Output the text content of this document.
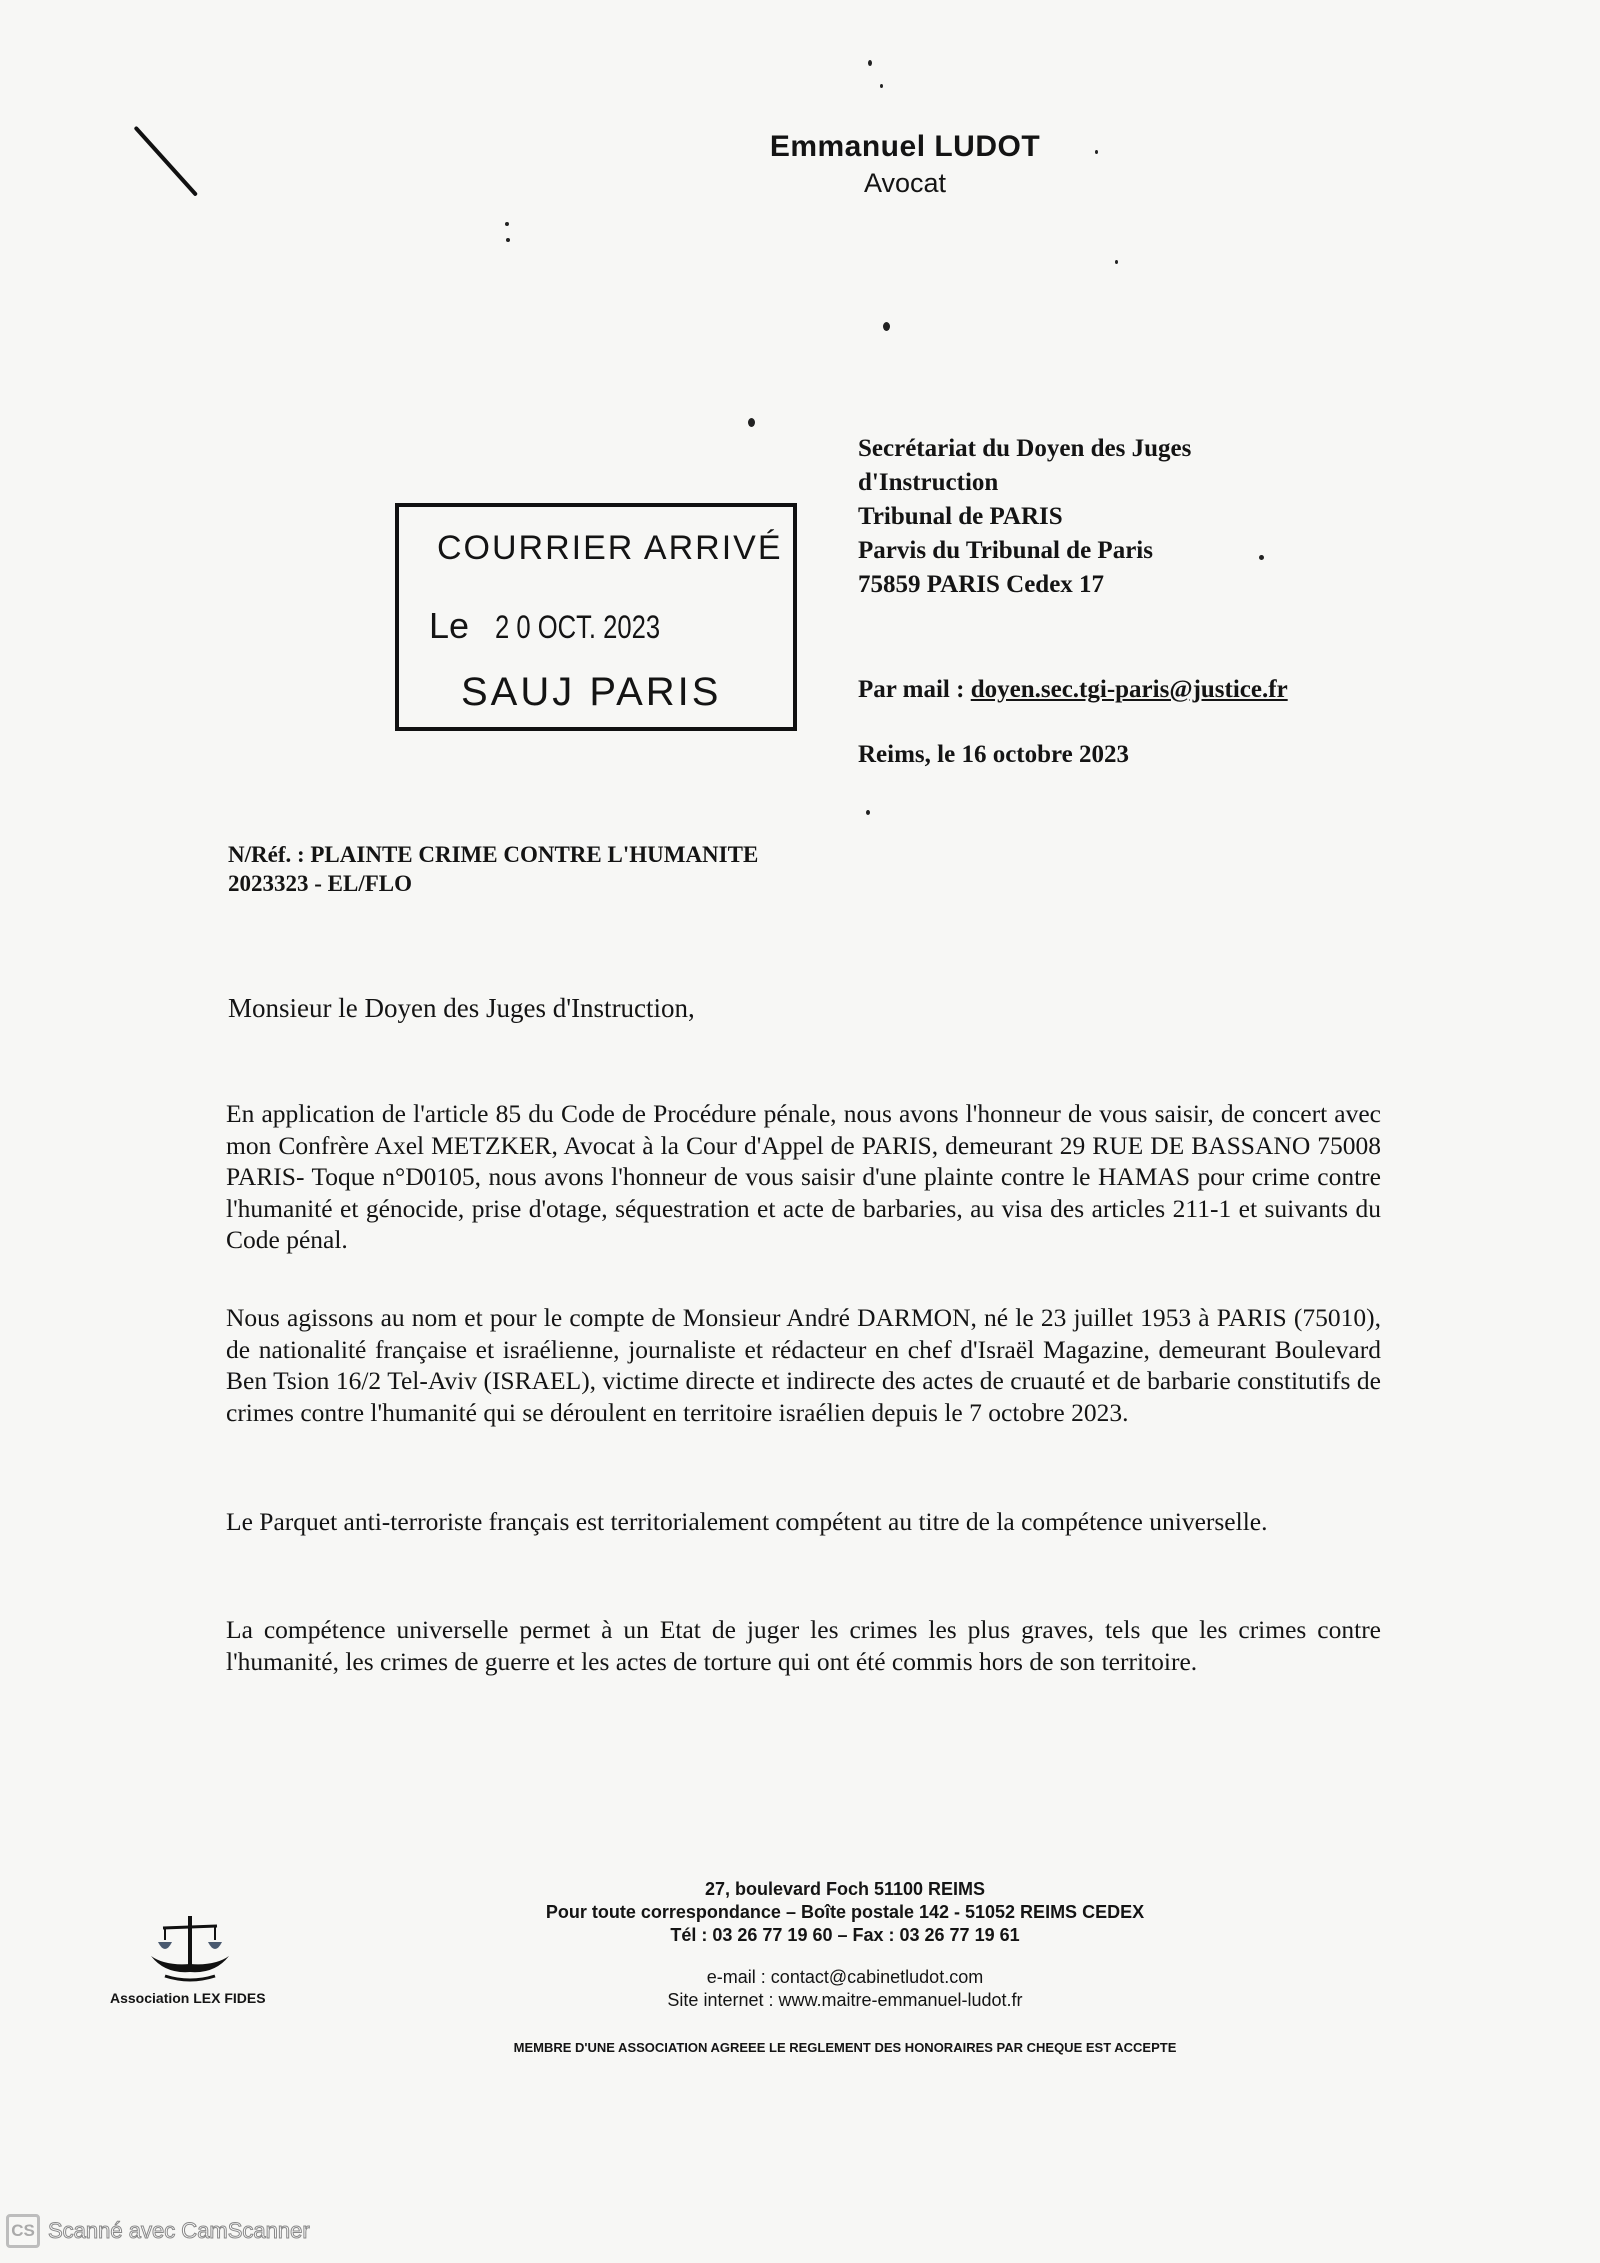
Emmanuel LUDOT
Avocat
COURRIER ARRIVÉ
Le 2 0 OCT. 2023
SAUJ PARIS
Secrétariat du Doyen des Juges
d'Instruction
Tribunal de PARIS
Parvis du Tribunal de Paris
75859 PARIS Cedex 17
Par mail : doyen.sec.tgi-paris@justice.fr
Reims, le 16 octobre 2023
N/Réf. : PLAINTE CRIME CONTRE L'HUMANITE
2023323 - EL/FLO
Monsieur le Doyen des Juges d'Instruction,
En application de l'article 85 du Code de Procédure pénale, nous avons l'honneur de vous saisir, de concert avec mon Confrère Axel METZKER, Avocat à la Cour d'Appel de PARIS, demeurant 29 RUE DE BASSANO 75008 PARIS- Toque n°D0105, nous avons l'honneur de vous saisir d'une plainte contre le HAMAS pour crime contre l'humanité et génocide, prise d'otage, séquestration et acte de barbaries, au visa des articles 211-1 et suivants du Code pénal.
Nous agissons au nom et pour le compte de Monsieur André DARMON, né le 23 juillet 1953 à PARIS (75010), de nationalité française et israélienne, journaliste et rédacteur en chef d'Israël Magazine, demeurant Boulevard Ben Tsion 16/2 Tel-Aviv (ISRAEL), victime directe et indirecte des actes de cruauté et de barbarie constitutifs de crimes contre l'humanité qui se déroulent en territoire israélien depuis le 7 octobre 2023.
Le Parquet anti-terroriste français est territorialement compétent au titre de la compétence universelle.
La compétence universelle permet à un Etat de juger les crimes les plus graves, tels que les crimes contre l'humanité, les crimes de guerre et les actes de torture qui ont été commis hors de son territoire.
27, boulevard Foch 51100 REIMS
Pour toute correspondance – Boîte postale 142 - 51052 REIMS CEDEX
Tél : 03 26 77 19 60 – Fax : 03 26 77 19 61
e-mail : contact@cabinetludot.com
Site internet : www.maitre-emmanuel-ludot.fr
MEMBRE D'UNE ASSOCIATION AGREEE LE REGLEMENT DES HONORAIRES PAR CHEQUE EST ACCEPTE
Association LEX FIDES
CS Scanné avec CamScanner
